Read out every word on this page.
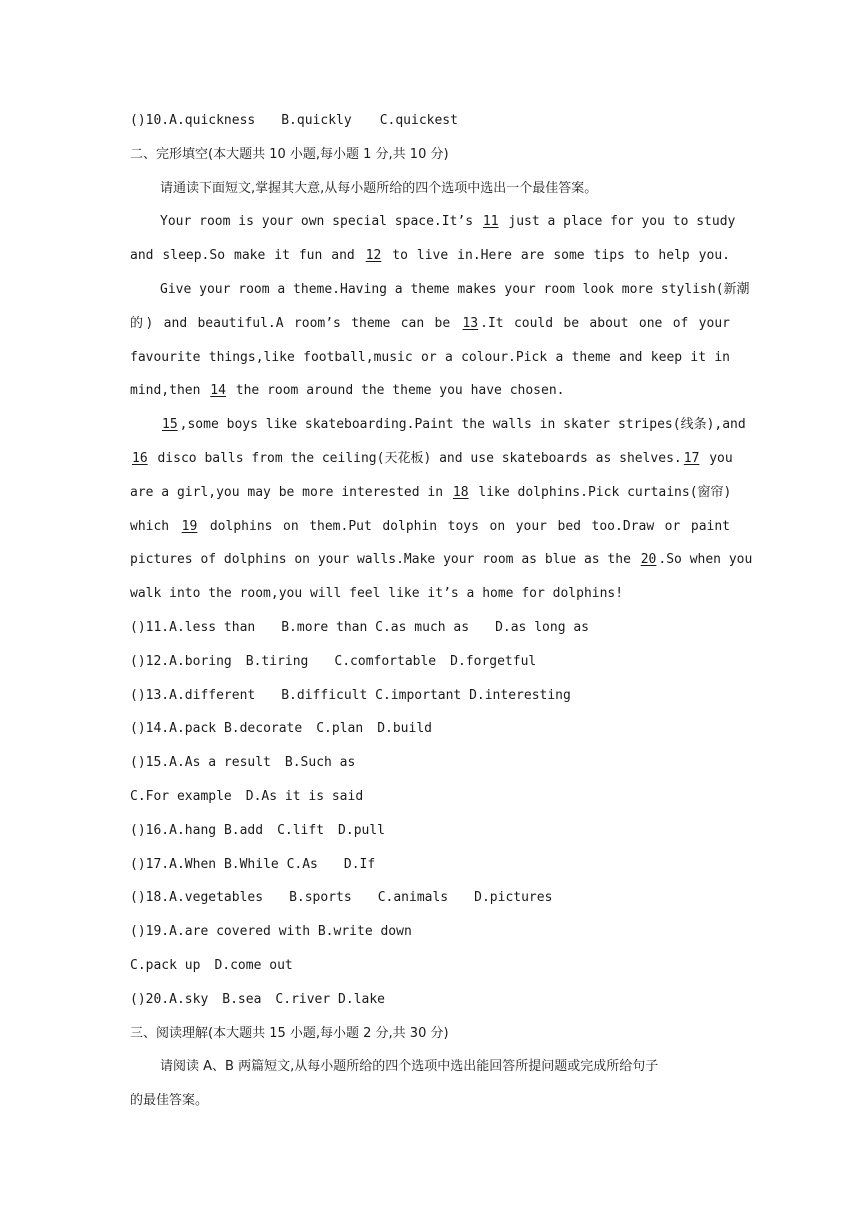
()10.A.quickness B.quickly C.quickest
二、完形填空(本大题共 10 小题,每小题 1 分,共 10 分)
请通读下面短文,掌握其大意,从每小题所给的四个选项中选出一个最佳答案。
Your room is your own special space.It’s 11 just a place for you to study
and sleep.So make it fun and 12 to live in.Here are some tips to help you.
Give your room a theme.Having a theme makes your room look more stylish(新潮
的) and beautiful.A room’s theme can be 13.It could be about one of your
favourite things,like football,music or a colour.Pick a theme and keep it in
mind,then 14 the room around the theme you have chosen.
15,some boys like skateboarding.Paint the walls in skater stripes(线条),and
16 disco balls from the ceiling(天花板) and use skateboards as shelves.17 you
are a girl,you may be more interested in 18 like dolphins.Pick curtains(窗帘)
which 19 dolphins on them.Put dolphin toys on your bed too.Draw or paint
pictures of dolphins on your walls.Make your room as blue as the 20.So when you
walk into the room,you will feel like it’s a home for dolphins!
()11.A.less than B.more than C.as much as D.as long as
()12.A.boring B.tiring C.comfortable D.forgetful
()13.A.different B.difficult C.important D.interesting
()14.A.pack B.decorate C.plan D.build
()15.A.As a result B.Such as
C.For example D.As it is said
()16.A.hang B.add C.lift D.pull
()17.A.When B.While C.As D.If
()18.A.vegetables B.sports C.animals D.pictures
()19.A.are covered with B.write down
C.pack up D.come out
()20.A.sky B.sea C.river D.lake
三、阅读理解(本大题共 15 小题,每小题 2 分,共 30 分)
请阅读 A、B 两篇短文,从每小题所给的四个选项中选出能回答所提问题或完成所给句子
的最佳答案。
